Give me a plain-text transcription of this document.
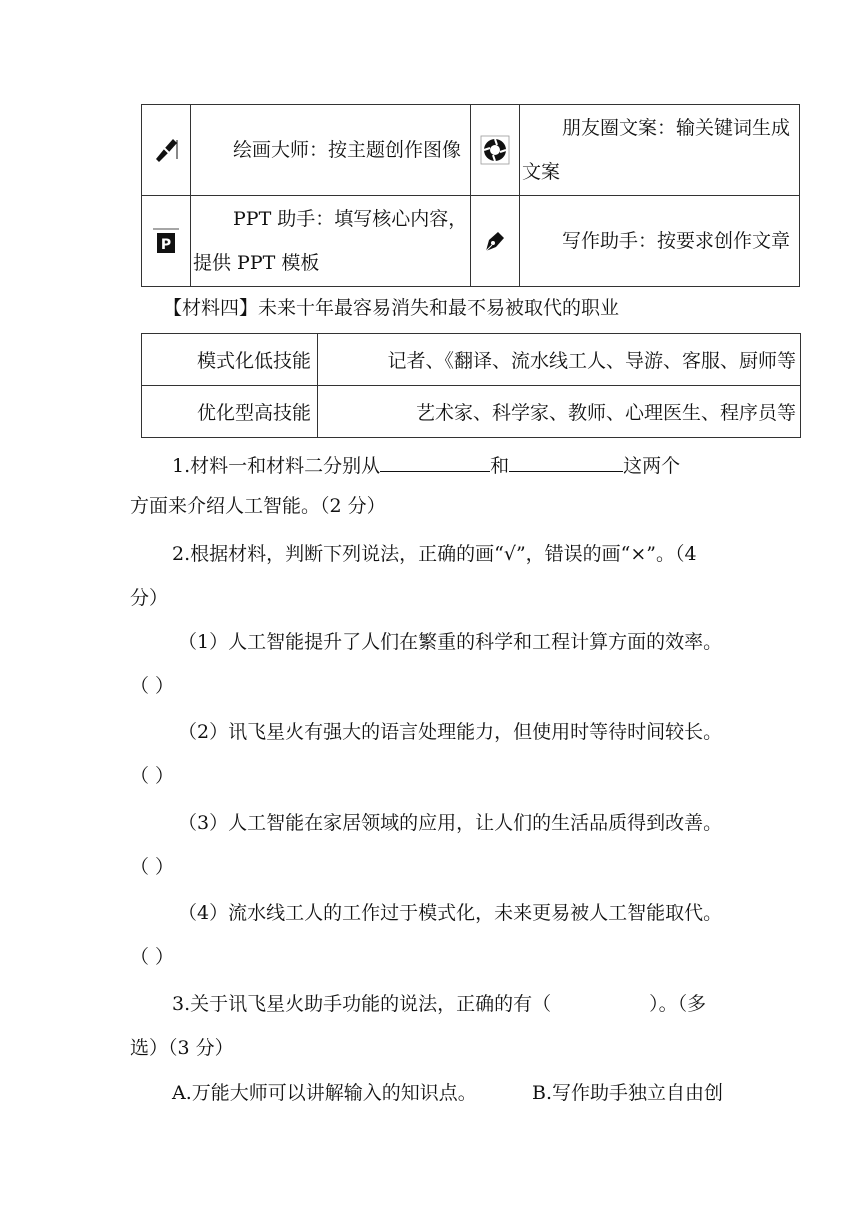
	绘画大师：按主题创作图像		朋友圈文案：输关键词生成文案

P	PPT 助手：填写核心内容，提供 PPT 模板		写作助手：按要求创作文章
【材料四】未来十年最容易消失和最不易被取代的职业
模式化低技能	记者、《翻译、流水线工人、导游、客服、厨师等
优化型高技能	艺术家、科学家、教师、心理医生、程序员等
1.材料一和材料二分别从	和	这两个
方面来介绍人工智能。（2 分）
2.根据材料，判断下列说法，正确的画“√”，错误的画“×”。（4
分）
（1）人工智能提升了人们在繁重的科学和工程计算方面的效率。
（ ）
（2）讯飞星火有强大的语言处理能力，但使用时等待时间较长。
（ ）
（3）人工智能在家居领域的应用，让人们的生活品质得到改善。
（ ）
（4）流水线工人的工作过于模式化，未来更易被人工智能取代。
（ ）
3.关于讯飞星火助手功能的说法，正确的有（	）。（多
选）（3 分）
A.万能大师可以讲解输入的知识点。	B.写作助手独立自由创
